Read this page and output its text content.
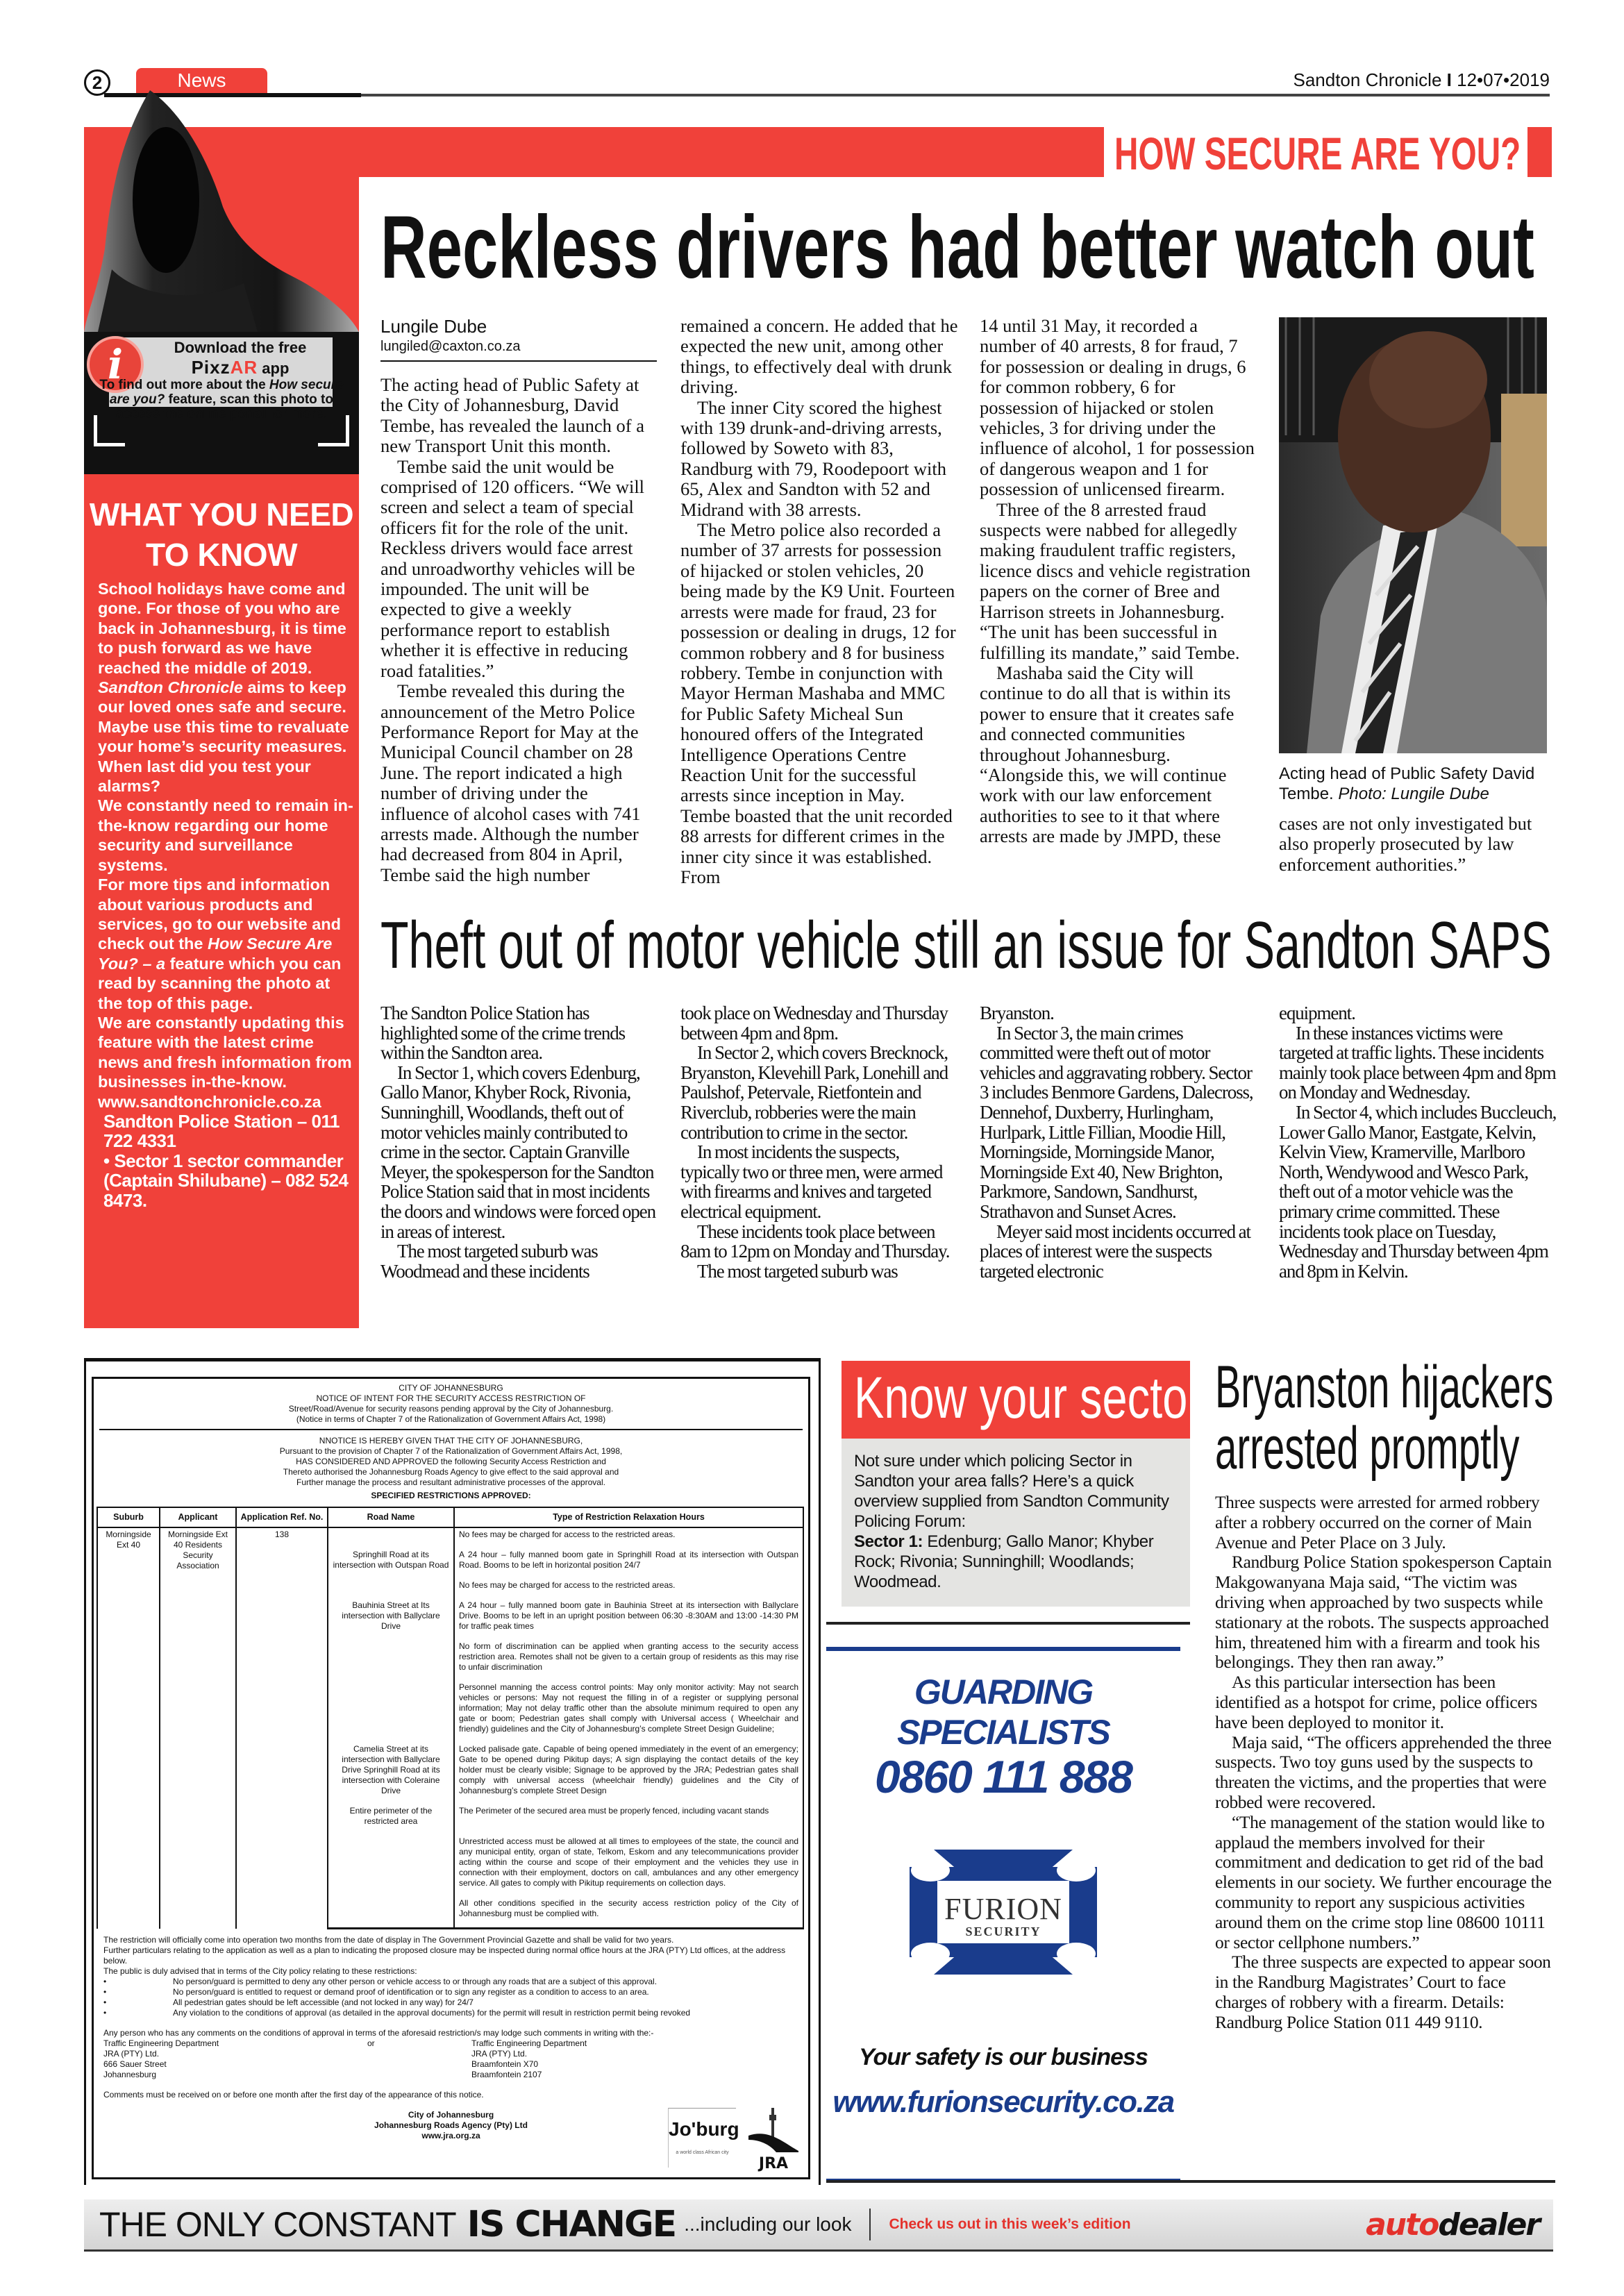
2	News	Sandton Chronicle I 12•07•2019
i	Download the free
PixzAR app
To find out more about the How secure are you? feature, scan this photo to access the online portal for more.
WHAT YOU NEED TO KNOW

School holidays have come and gone. For those of you who are back in Johannesburg, it is time to push forward as we have reached the middle of 2019. Sandton Chronicle aims to keep our loved ones safe and secure.

Maybe use this time to revaluate your home’s security measures. When last did you test your alarms?

We constantly need to remain in-the-know regarding our home security and surveillance systems.

For more tips and information about various products and services, go to our website and check out the How Secure Are You? – a feature which you can read by scanning the photo at the top of this page.

We are constantly updating this feature with the latest crime news and fresh information from businesses in-the-know.

www.sandtonchronicle.co.za

Sandton Police Station – 011 722 4331

• Sector 1 sector commander (Captain Shilubane) – 082 524 8473.

HOW SECURE ARE YOU?
Reckless drivers had better watch out
Lungile Dube
lungiled@caxton.co.za

The acting head of Public Safety at the City of Johannesburg, David Tembe, has revealed the launch of a new Transport Unit this month.

Tembe said the unit would be comprised of 120 officers. “We will screen and select a team of special officers fit for the role of the unit. Reckless drivers would face arrest and unroadworthy vehicles will be impounded. The unit will be expected to give a weekly performance report to establish whether it is effective in reducing road fatalities.”

Tembe revealed this during the announcement of the Metro Police Performance Report for May at the Municipal Council chamber on 28 June. The report indicated a high number of driving under the influence of alcohol cases with 741 arrests made. Although the number had decreased from 804 in April, Tembe said the high number

remained a concern. He added that he expected the new unit, among other things, to effectively deal with drunk driving.

The inner City scored the highest with 139 drunk-and-driving arrests, followed by Soweto with 83, Randburg with 79, Roodepoort with 65, Alex and Sandton with 52 and Midrand with 38 arrests.

The Metro police also recorded a number of 37 arrests for possession of hijacked or stolen vehicles, 20 being made by the K9 Unit. Fourteen arrests were made for fraud, 23 for possession or dealing in drugs, 12 for common robbery and 8 for business robbery. Tembe in conjunction with Mayor Herman Mashaba and MMC for Public Safety Micheal Sun honoured offers of the Integrated Intelligence Operations Centre Reaction Unit for the successful arrests since inception in May. Tembe boasted that the unit recorded 88 arrests for different crimes in the inner city since it was established. From

14 until 31 May, it recorded a number of 40 arrests, 8 for fraud, 7 for possession or dealing in drugs, 6 for common robbery, 6 for possession of hijacked or stolen vehicles, 3 for driving under the influence of alcohol, 1 for possession of dangerous weapon and 1 for possession of unlicensed firearm.

Three of the 8 arrested fraud suspects were nabbed for allegedly making fraudulent traffic registers, licence discs and vehicle registration papers on the corner of Bree and Harrison streets in Johannesburg. “The unit has been successful in fulfilling its mandate,” said Tembe.

Mashaba said the City will continue to do all that is within its power to ensure that it creates safe and connected communities throughout Johannesburg. “Alongside this, we will continue work with our law enforcement authorities to see to it that where arrests are made by JMPD, these

Acting head of Public Safety David Tembe. Photo: Lungile Dube

cases are not only investigated but also properly prosecuted by law enforcement authorities.”

Theft out of motor vehicle still an issue for Sandton SAPS

The Sandton Police Station has highlighted some of the crime trends within the Sandton area.

In Sector 1, which covers Edenburg, Gallo Manor, Khyber Rock, Rivonia, Sunninghill, Woodlands, theft out of motor vehicles mainly contributed to crime in the sector. Captain Granville Meyer, the spokesperson for the Sandton Police Station said that in most incidents the doors and windows were forced open in areas of interest.

The most targeted suburb was Woodmead and these incidents

took place on Wednesday and Thursday between 4pm and 8pm.

In Sector 2, which covers Brecknock, Bryanston, Klevehill Park, Lonehill and Paulshof, Petervale, Rietfontein and Riverclub, robberies were the main contribution to crime in the sector.

In most incidents the suspects, typically two or three men, were armed with firearms and knives and targeted electrical equipment.

These incidents took place between 8am to 12pm on Monday and Thursday.

The most targeted suburb was

Bryanston.

In Sector 3, the main crimes committed were theft out of motor vehicles and aggravating robbery. Sector 3 includes Benmore Gardens, Dalecross, Dennehof, Duxberry, Hurlingham, Hurlpark, Little Fillian, Moodie Hill, Morningside, Morningside Manor, Morningside Ext 40, New Brighton, Parkmore, Sandown, Sandhurst, Strathavon and Sunset Acres.

Meyer said most incidents occurred at places of interest were the suspects targeted electronic

equipment.

In these instances victims were targeted at traffic lights. These incidents mainly took place between 4pm and 8pm on Monday and Wednesday.

In Sector 4, which includes Buccleuch, Lower Gallo Manor, Eastgate, Kelvin, Kelvin View, Kramerville, Marlboro North, Wendywood and Wesco Park, theft out of a motor vehicle was the primary crime committed. These incidents took place on Tuesday, Wednesday and Thursday between 4pm and 8pm in Kelvin.

CITY OF JOHANNESBURG
NOTICE OF INTENT FOR THE SECURITY ACCESS RESTRICTION OF
Street/Road/Avenue for security reasons pending approval by the City of Johannesburg.
(Notice in terms of Chapter 7 of the Rationalization of Government Affairs Act, 1998)
NNOTICE IS HEREBY GIVEN THAT THE CITY OF JOHANNESBURG,
Pursuant to the provision of Chapter 7 of the Rationalization of Government Affairs Act, 1998,
HAS CONSIDERED AND APPROVED the following Security Access Restriction and
Thereto authorised the Johannesburg Roads Agency to give effect to the said approval and
Further manage the process and resultant administrative processes of the approval.
SPECIFIED RESTRICTIONS APPROVED:
Suburb	Applicant	Application Ref. No.	Road Name	Type of Restriction Relaxation Hours
Morningside Ext 40	Morningside Ext 40 Residents Security Association	138		No fees may be charged for access to the restricted areas.
			Springhill Road at its intersection with Outspan Road	A 24 hour – fully manned boom gate in Springhill Road at its intersection with Outspan Road. Booms to be left in horizontal position 24/7
				No fees may be charged for access to the restricted areas.
			Bauhinia Street at Its intersection with Ballyclare Drive	A 24 hour – fully manned boom gate in Bauhinia Street at its intersection with Ballyclare Drive. Booms to be left in an upright position between 06:30 -8:30AM and 13:00 -14:30 PM for traffic peak times
				No form of discrimination can be applied when granting access to the security access restriction area. Remotes shall not be given to a certain group of residents as this may rise to unfair discrimination
				Personnel manning the access control points: May only monitor activity: May not search vehicles or persons: May not request the filling in of a register or supplying personal information; May not delay traffic other than the absolute minimum required to open any gate or boom; Pedestrian gates shall comply with Universal access ( Wheelchair and friendly) guidelines and the City of Johannesburg’s complete Street Design Guideline;
			Camelia Street at its intersection with Ballyclare Drive Springhill Road at its intersection with Coleraine Drive	Locked palisade gate. Capable of being opened immediately in the event of an emergency; Gate to be opened during Pikitup days; A sign displaying the contact details of the key holder must be clearly visible; Signage to be approved by the JRA; Pedestrian gates shall comply with universal access (wheelchair friendly) guidelines and the City of Johannesburg’s complete Street Design
			Entire perimeter of the restricted area	The Perimeter of the secured area must be properly fenced, including vacant stands
				Unrestricted access must be allowed at all times to employees of the state, the council and any municipal entity, organ of state, Telkom, Eskom and any telecommunications provider acting within the course and scope of their employment and the vehicles they use in connection with their employment, doctors on call, ambulances and any other emergency service. All gates to comply with Pikitup requirements on collection days.
				All other conditions specified in the security access restriction policy of the City of Johannesburg must be complied with.

The restriction will officially come into operation two months from the date of display in The Government Provincial Gazette and shall be valid for two years.

Further particulars relating to the application as well as a plan to indicating the proposed closure may be inspected during normal office hours at the JRA (PTY) Ltd offices, at the address below.

The public is duly advised that in terms of the City policy relating to these restrictions:

•	No person/guard is permitted to deny any other person or vehicle access to or through any roads that are a subject of this approval.
•	No person/guard is entitled to request or demand proof of identification or to sign any register as a condition to access to an area.
•	All pedestrian gates should be left accessible (and not locked in any way) for 24/7
•	Any violation to the conditions of approval (as detailed in the approval documents) for the permit will result in restriction permit being revoked

Any person who has any comments on the conditions of approval in terms of the aforesaid restriction/s may lodge such comments in writing with the:-

Traffic Engineering Department
JRA (PTY) Ltd.
666 Sauer Street
Johannesburg
or	Traffic Engineering Department
JRA (PTY) Ltd.
Braamfontein X70
Braamfontein 2107

Comments must be received on or before one month after the first day of the appearance of this notice.

City of Johannesburg
Johannesburg Roads Agency (Pty) Ltd
www.jra.org.za	Jo'burg
a world class African city
JRA
Know your sector
Not sure under which policing Sector in Sandton your area falls? Here’s a quick overview supplied from Sandton Community Policing Forum:
Sector 1: Edenburg; Gallo Manor; Khyber Rock; Rivonia; Sunninghill; Woodlands; Woodmead.
GUARDING SPECIALISTS
0860 111 888
FURION
SECURITY
Your safety is our business
www.furionsecurity.co.za
Bryanston hijackers
arrested promptly

Three suspects were arrested for armed robbery after a robbery occurred on the corner of Main Avenue and Peter Place on 3 July.

Randburg Police Station spokesperson Captain Makgowanyana Maja said, “The victim was driving when approached by two suspects while stationary at the robots. The suspects approached him, threatened him with a firearm and took his belongings. They then ran away.”

As this particular intersection has been identified as a hotspot for crime, police officers have been deployed to monitor it.

Maja said, “The officers apprehended the three suspects. Two toy guns used by the suspects to threaten the victims, and the properties that were robbed were recovered.

“The management of the station would like to applaud the members involved for their commitment and dedication to get rid of the bad elements in our society. We further encourage the community to report any suspicious activities around them on the crime stop line 08600 10111 or sector cellphone numbers.”

The three suspects are expected to appear soon in the Randburg Magistrates’ Court to face charges of robbery with a firearm. Details: Randburg Police Station 011 449 9110.

THE ONLY CONSTANT IS CHANGE ...including our look	Check us out in this week’s edition	autodealer
